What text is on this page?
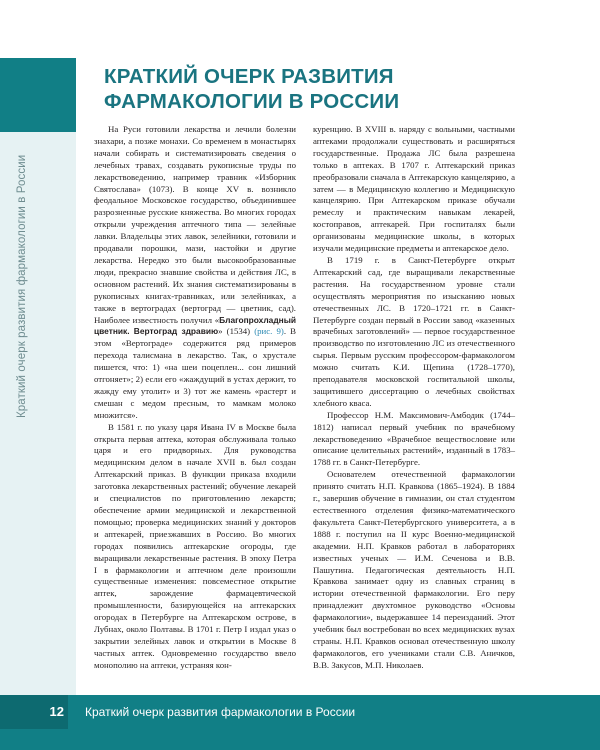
Краткий очерк развития фармакологии в России
КРАТКИЙ ОЧЕРК РАЗВИТИЯ
ФАРМАКОЛОГИИ В РОССИИ

На Руси готовили лекарства и лечили болезни знахари, а позже монахи. Со временем в монастырях начали собирать и систематизировать сведения о лечебных травах, создавать рукописные труды по лекарствоведению, например травник «Изборник Святослава» (1073). В конце XV в. возникло феодальное Московское государство, объединившее разрозненные русские княжества. Во многих городах открыли учреждения аптечного типа — зелейные лавки. Владельцы этих лавок, зелейники, готовили и продавали порошки, мази, настойки и другие лекарства. Нередко это были высокообразованные люди, прекрасно знавшие свойства и действия ЛС, в основном растений. Их знания систематизированы в рукописных книгах-травниках, или зелейниках, а также в вертоградах (вертоград — цветник, сад). Наиболее известность получил «Благопрохладный цветник. Вертоград здравию» (1534) (рис. 9). В этом «Вертограде» содержится ряд примеров перехода талисмана в лекарство. Так, о хрустале пишется, что: 1) «на шеи поцеплен... сон лишний отгоняет»; 2) если его «жаждущий в устах держит, то жажду ему утолит» и 3) тот же камень «растерт и смешан с медом пресным, то мамкам молоко множится».

В 1581 г. по указу царя Ивана IV в Москве была открыта первая аптека, которая обслуживала только царя и его придворных. Для руководства медицинским делом в начале XVII в. был создан Аптекарский приказ. В функции приказа входили заготовка лекарственных растений; обучение лекарей и специалистов по приготовлению лекарств; обеспечение армии медицинской и лекарственной помощью; проверка медицинских знаний у докторов и аптекарей, приезжавших в Россию. Во многих городах появились аптекарские огороды, где выращивали лекарственные растения. В эпоху Петра I в фармакологии и аптечном деле произошли существенные изменения: повсеместное открытие аптек, зарождение фармацевтической промышленности, базирующейся на аптекарских огородах в Петербурге на Аптекарском острове, в Лубнах, около Полтавы. В 1701 г. Петр I издал указ о закрытии зелейных лавок и открытии в Москве 8 частных аптек. Одновременно государство ввело монополию на аптеки, устраняя кон-

куренцию. В XVIII в. наряду с вольными, частными аптеками продолжали существовать и расширяться государственные. Продажа ЛС была разрешена только в аптеках. В 1707 г. Аптекарский приказ преобразовали сначала в Аптекарскую канцелярию, а затем — в Медицинскую коллегию и Медицинскую канцелярию. При Аптекарском приказе обучали ремеслу и практическим навыкам лекарей, костоправов, аптекарей. При госпиталях были организованы медицинские школы, в которых изучали медицинские предметы и аптекарское дело.

В 1719 г. в Санкт-Петербурге открыт Аптекарский сад, где выращивали лекарственные растения. На государственном уровне стали осуществлять мероприятия по изысканию новых отечественных ЛС. В 1720–1721 гг. в Санкт-Петербурге создан первый в России завод «казенных врачебных заготовлений» — первое государственное производство по изготовлению ЛС из отечественного сырья. Первым русским профессором-фармакологом можно считать К.И. Щепина (1728–1770), преподавателя московской госпитальной школы, защитившего диссертацию о лечебных свойствах хлебного кваса.

Профессор Н.М. Максимович-Амбодик (1744–1812) написал первый учебник по врачебному лекарствоведению «Врачебное веществословие или описание целительных растений», изданный в 1783–1788 гг. в Санкт-Петербурге.

Основателем отечественной фармакологии принято считать Н.П. Кравкова (1865–1924). В 1884 г., завершив обучение в гимназии, он стал студентом естественного отделения физико-математического факультета Санкт-Петербургского университета, а в 1888 г. поступил на II курс Военно-медицинской академии. Н.П. Кравков работал в лабораториях известных ученых — И.М. Сеченова и В.В. Пашутина. Педагогическая деятельность Н.П. Кравкова занимает одну из славных страниц в истории отечественной фармакологии. Его перу принадлежит двухтомное руководство «Основы фармакологии», выдержавшее 14 переизданий. Этот учебник был востребован во всех медицинских вузах страны. Н.П. Кравков основал отечественную школу фармакологов, его учениками стали С.В. Аничков, В.В. Закусов, М.П. Николаев.

12	Краткий очерк развития фармакологии в России
